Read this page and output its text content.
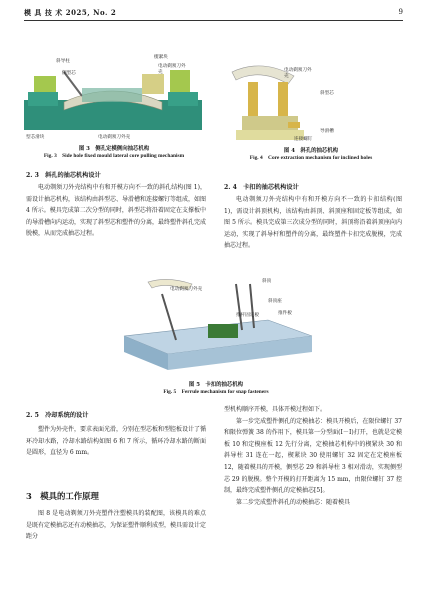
模 具 技 术 2025, No. 2	9
斜导柱
侧型芯
楔紧块
电动剃须刀外壳
型芯滑块	电动剃须刀外壳
图 3　侧孔定模侧向抽芯机构
Fig. 3　Side hole fixed mould lateral core pulling mechanism
电动剃须刀外壳
斜型芯
导滑槽
连接螺钉
图 4　斜孔的抽芯机构
Fig. 4　Core extraction mechanism for inclined holes
2. 3　斜孔的抽芯机构设计

电动剃须刀外壳结构中有和开模方向不一致的斜孔结构(图 1)，需设计抽芯机构，该结构由斜型芯、导滑槽和连接螺钉等组成，如图 4 所示。模具完成第二次分型的同时，斜型芯将沿着固定在支撑板中的导滑槽向内运动，实现了斜型芯和塑件的分离，最终塑件斜孔完成脱模，从而完成抽芯过程。

2. 4　卡扣的抽芯机构设计

电动剃须刀外壳结构中有和开模方向不一致的卡扣结构(图 1)，需设计斜顶机构，该结构由斜顶、斜顶座和固定板等组成，如图 5 所示。模具完成第三次成分型的同时，斜顶将沿着斜顶座向内运动，实现了斜导杆和塑件的分离，最终塑件卡扣完成脱模，完成抽芯过程。

电动剃须刀外壳
斜顶
斜顶座
推杆固定板	推件板
图 5　卡扣的抽芯机构
Fig. 5　Ferrule mechanism for snap fasteners
2. 5　冷却系统的设计

塑件为外壳件，要求表面光滑，分别在型芯板和型腔板设计了循环冷却水路，冷却水路结构如图 6 和 7 所示，循环冷却水路的断面是圆形，直径为 6 mm。

3　模具的工作原理

图 8 是电动剃须刀外壳塑件注塑模具的装配图，该模具的难点是既有定模抽芯还有动模抽芯，为保证塑件顺利成型，模具需设计定距分

型机构顺序开模，具体开模过程如下。

第一步完成塑件侧孔的定模抽芯：模具开模后，在限位螺钉 37 和限位弹簧 38 的作用下，模具第一分型面(Ⅰ－Ⅰ)打开，也就是定模板 10 和定模座板 12 先行分离，定模抽芯机构中的楔紧块 30 和斜导柱 31 连在一起，楔紧块 30 使用螺钉 32 固定在定模座板 12，随着模具的开模，侧型芯 29 和斜导柱 3 相对滑动，实现侧型芯 29 的脱模。整个开模的打开距离为 15 mm，由限位螺钉 37 控制，最终完成塑件侧孔的定模抽芯[5]。

第二步完成塑件斜孔的动模抽芯：随着模具
